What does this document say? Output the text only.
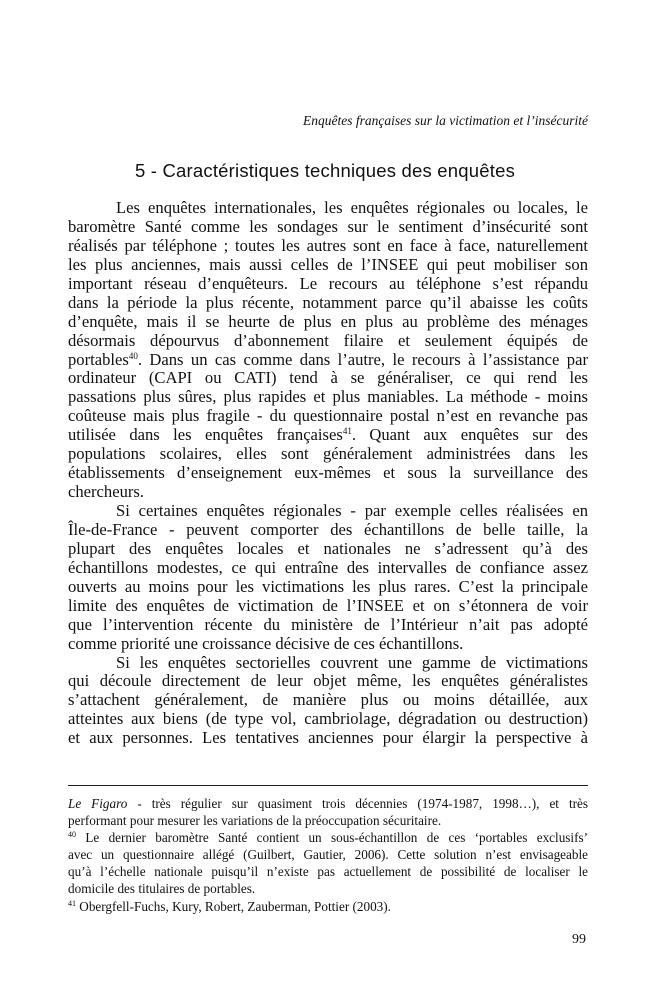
Enquêtes françaises sur la victimation et l’insécurité
5 - Caractéristiques techniques des enquêtes
Les enquêtes internationales, les enquêtes régionales ou locales, le
baromètre Santé comme les sondages sur le sentiment d’insécurité sont
réalisés par téléphone ; toutes les autres sont en face à face, naturellement
les plus anciennes, mais aussi celles de l’INSEE qui peut mobiliser son
important réseau d’enquêteurs. Le recours au téléphone s’est répandu
dans la période la plus récente, notamment parce qu’il abaisse les coûts
d’enquête, mais il se heurte de plus en plus au problème des ménages
désormais dépourvus d’abonnement filaire et seulement équipés de
portables$^{40}$. Dans un cas comme dans l’autre, le recours à l’assistance par
ordinateur (CAPI ou CATI) tend à se généraliser, ce qui rend les
passations plus sûres, plus rapides et plus maniables. La méthode - moins
coûteuse mais plus fragile - du questionnaire postal n’est en revanche pas
utilisée dans les enquêtes françaises$^{41}$. Quant aux enquêtes sur des
populations scolaires, elles sont généralement administrées dans les
établissements d’enseignement eux-mêmes et sous la surveillance des
chercheurs.
Si certaines enquêtes régionales - par exemple celles réalisées en
Île-de-France - peuvent comporter des échantillons de belle taille, la
plupart des enquêtes locales et nationales ne s’adressent qu’à des
échantillons modestes, ce qui entraîne des intervalles de confiance assez
ouverts au moins pour les victimations les plus rares. C’est la principale
limite des enquêtes de victimation de l’INSEE et on s’étonnera de voir
que l’intervention récente du ministère de l’Intérieur n’ait pas adopté
comme priorité une croissance décisive de ces échantillons.
Si les enquêtes sectorielles couvrent une gamme de victimations
qui découle directement de leur objet même, les enquêtes généralistes
s’attachent généralement, de manière plus ou moins détaillée, aux
atteintes aux biens (de type vol, cambriolage, dégradation ou destruction)
et aux personnes. Les tentatives anciennes pour élargir la perspective à
Le Figaro - très régulier sur quasiment trois décennies (1974-1987, 1998…), et très
performant pour mesurer les variations de la préoccupation sécuritaire.
$^{40}$ Le dernier baromètre Santé contient un sous-échantillon de ces ‘portables exclusifs’
avec un questionnaire allégé (Guilbert, Gautier, 2006). Cette solution n’est envisageable
qu’à l’échelle nationale puisqu’il n’existe pas actuellement de possibilité de localiser le
domicile des titulaires de portables.
$^{41}$ Obergfell-Fuchs, Kury, Robert, Zauberman, Pottier (2003).
99
